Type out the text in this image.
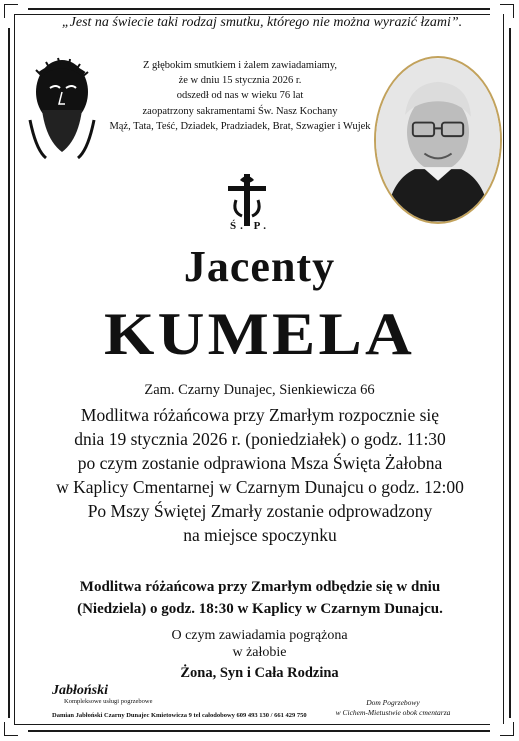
„Jest na świecie taki rodzaj smutku, którego nie można wyrazić łzami”.
Z głębokim smutkiem i żalem zawiadamiamy,
że w dniu 15 stycznia 2026 r.
odszedł od nas w wieku 76 lat
zaopatrzony sakramentami Św. Nasz Kochany
Mąż, Tata, Teść, Dziadek, Pradziadek, Brat, Szwagier i Wujek
Ś. P.
Jacenty
KUMELA
Zam. Czarny Dunajec, Sienkiewicza 66
Modlitwa różańcowa przy Zmarłym rozpocznie się
dnia 19 stycznia 2026 r. (poniedziałek) o godz. 11:30
po czym zostanie odprawiona Msza Święta Żałobna
w Kaplicy Cmentarnej w Czarnym Dunajcu o godz. 12:00
Po Mszy Świętej Zmarły zostanie odprowadzony
na miejsce spoczynku
Modlitwa różańcowa przy Zmarłym odbędzie się w dniu
(Niedziela) o godz. 18:30 w Kaplicy w Czarnym Dunajcu.
O czym zawiadamia pogrążona
w żałobie
Żona, Syn i Cała Rodzina
Jabłoński
Kompleksowe usługi pogrzebowe
Damian Jabłoński Czarny Dunajec Kmietowicza 9 tel całodobowy 609 493 130 / 661 429 750
Dom Pogrzebowy
w Cichem-Mietustwie obok cmentarza
